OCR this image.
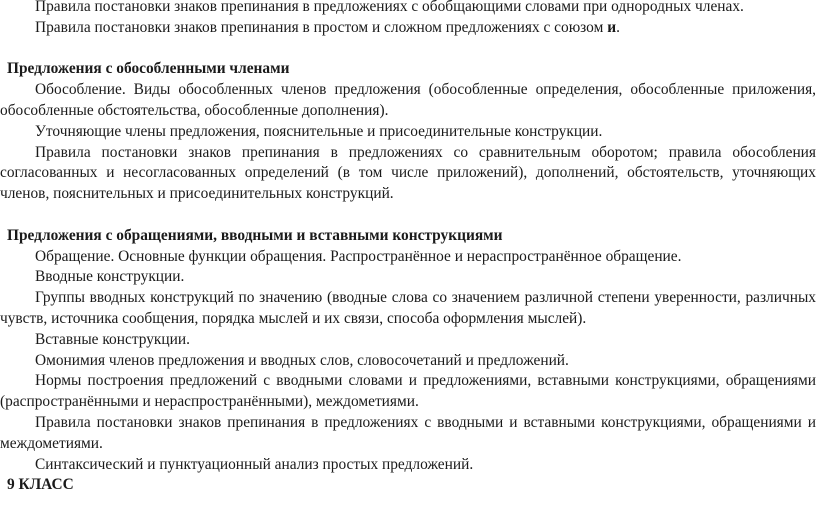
Правила постановки знаков препинания в предложениях с обобщающими словами при однородных членах.

Правила постановки знаков препинания в простом и сложном предложениях с союзом и.

Предложения с обособленными членами

Обособление. Виды обособленных членов предложения (обособленные определения, обособленные приложения, обособленные обстоятельства, обособленные дополнения).

Уточняющие члены предложения, пояснительные и присоединительные конструкции.

Правила постановки знаков препинания в предложениях со сравнительным оборотом; правила обособления согласованных и несогласованных определений (в том числе приложений), дополнений, обстоятельств, уточняющих членов, пояснительных и присоединительных конструкций.

Предложения с обращениями, вводными и вставными конструкциями

Обращение. Основные функции обращения. Распространённое и нераспространённое обращение.

Вводные конструкции.

Группы вводных конструкций по значению (вводные слова со значением различной степени уверенности, различных чувств, источника сообщения, порядка мыслей и их связи, способа оформления мыслей).

Вставные конструкции.

Омонимия членов предложения и вводных слов, словосочетаний и предложений.

Нормы построения предложений с вводными словами и предложениями, вставными конструкциями, обращениями (распространёнными и нераспространёнными), междометиями.

Правила постановки знаков препинания в предложениях с вводными и вставными конструкциями, обращениями и междометиями.

Синтаксический и пунктуационный анализ простых предложений.

9 КЛАСС
